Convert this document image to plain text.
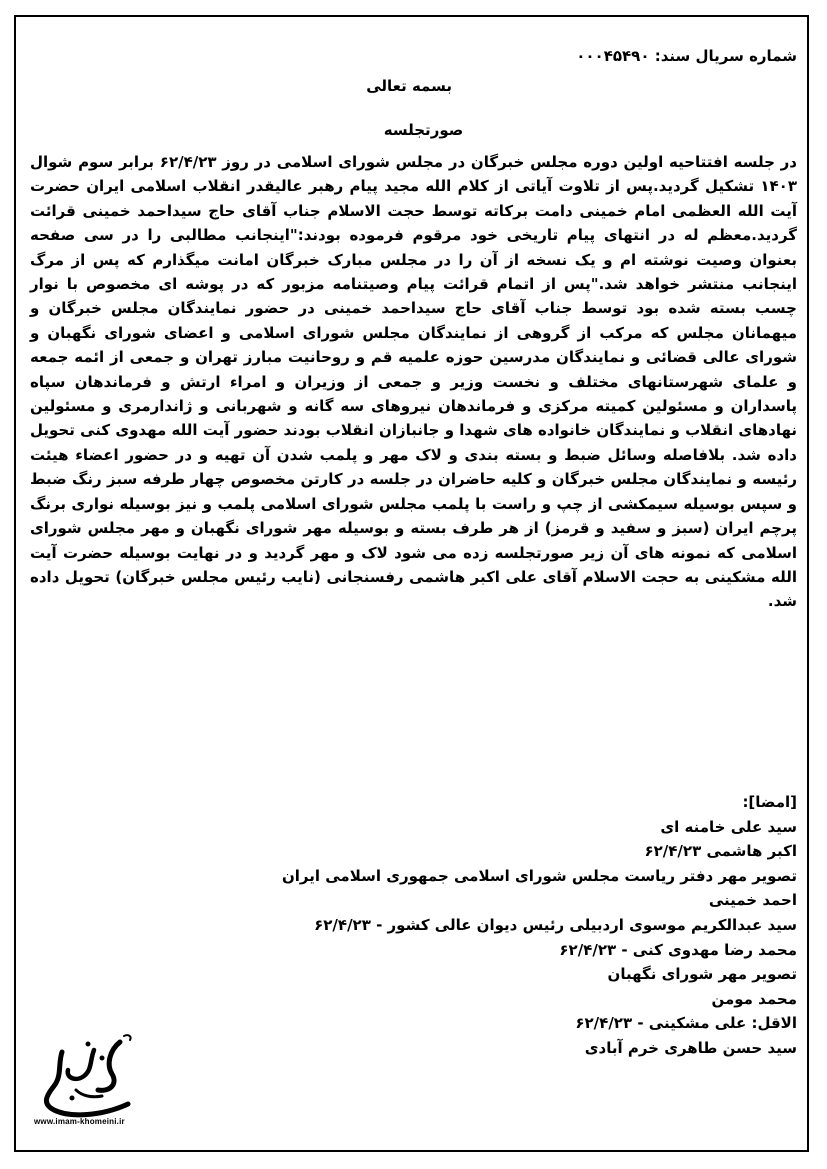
شماره سریال سند: ۰۰۰۴۵۴۹۰
بسمه تعالی
صورتجلسه
در جلسه افتتاحیه اولین دوره مجلس خبرگان در مجلس شورای اسلامی در روز ۶۲/۴/۲۳ برابر سوم شوال ۱۴۰۳ تشکیل گردید.پس از تلاوت آیاتی از کلام الله مجید پیام رهبر عالیقدر انقلاب اسلامی ایران حضرت آیت الله العظمی امام خمینی دامت برکاته توسط حجت الاسلام جناب آقای حاج سیداحمد خمینی قرائت گردید.معظم له در انتهای پیام تاریخی خود مرقوم فرموده بودند:"اینجانب مطالبی را در سی صفحه بعنوان وصیت نوشته ام و یک نسخه از آن را در مجلس مبارک خبرگان امانت میگذارم که پس از مرگ اینجانب منتشر خواهد شد."پس از اتمام قرائت پیام وصیتنامه مزبور که در پوشه ای مخصوص با نوار چسب بسته شده بود توسط جناب آقای حاج سیداحمد خمینی در حضور نمایندگان مجلس خبرگان و میهمانان مجلس که مرکب از گروهی از نمایندگان مجلس شورای اسلامی و اعضای شورای نگهبان و شورای عالی قضائی و نمایندگان مدرسین حوزه علمیه قم و روحانیت مبارز تهران و جمعی از ائمه جمعه و علمای شهرستانهای مختلف و نخست وزیر و جمعی از وزیران و امراء ارتش و فرماندهان سپاه پاسداران و مسئولین کمیته مرکزی و فرماندهان نیروهای سه گانه و شهربانی و ژاندارمری و مسئولین نهادهای انقلاب و نمایندگان خانواده های شهدا و جانبازان انقلاب بودند حضور آیت الله مهدوی کنی تحویل داده شد. بلافاصله وسائل ضبط و بسته بندی و لاک مهر و پلمب شدن آن تهیه و در حضور اعضاء هیئت رئیسه و نمایندگان مجلس خبرگان و کلیه حاضران در جلسه در کارتن مخصوص چهار طرفه سبز رنگ ضبط و سپس بوسیله سیمکشی از چپ و راست با پلمب مجلس شورای اسلامی پلمب و نیز بوسیله نواری برنگ پرچم ایران (سبز و سفید و قرمز) از هر طرف بسته و بوسیله مهر شورای نگهبان و مهر مجلس شورای اسلامی که نمونه های آن زیر صورتجلسه زده می شود لاک و مهر گردید و در نهایت بوسیله حضرت آیت الله مشکینی به حجت الاسلام آقای علی اکبر هاشمی رفسنجانی (نایب رئیس مجلس خبرگان) تحویل داده شد.
[امضا]:
سید علی خامنه ای
اکبر هاشمی ۶۲/۴/۲۳
تصویر مهر دفتر ریاست مجلس شورای اسلامی جمهوری اسلامی ایران
احمد خمینی
سید عبدالکریم موسوی اردبیلی رئیس دیوان عالی کشور - ۶۲/۴/۲۳
محمد رضا مهدوی کنی - ۶۲/۴/۲۳
تصویر مهر شورای نگهبان
محمد مومن
الاقل: علی مشکینی - ۶۲/۴/۲۳
سید حسن طاهری خرم آبادی
www.imam-khomeini.ir
